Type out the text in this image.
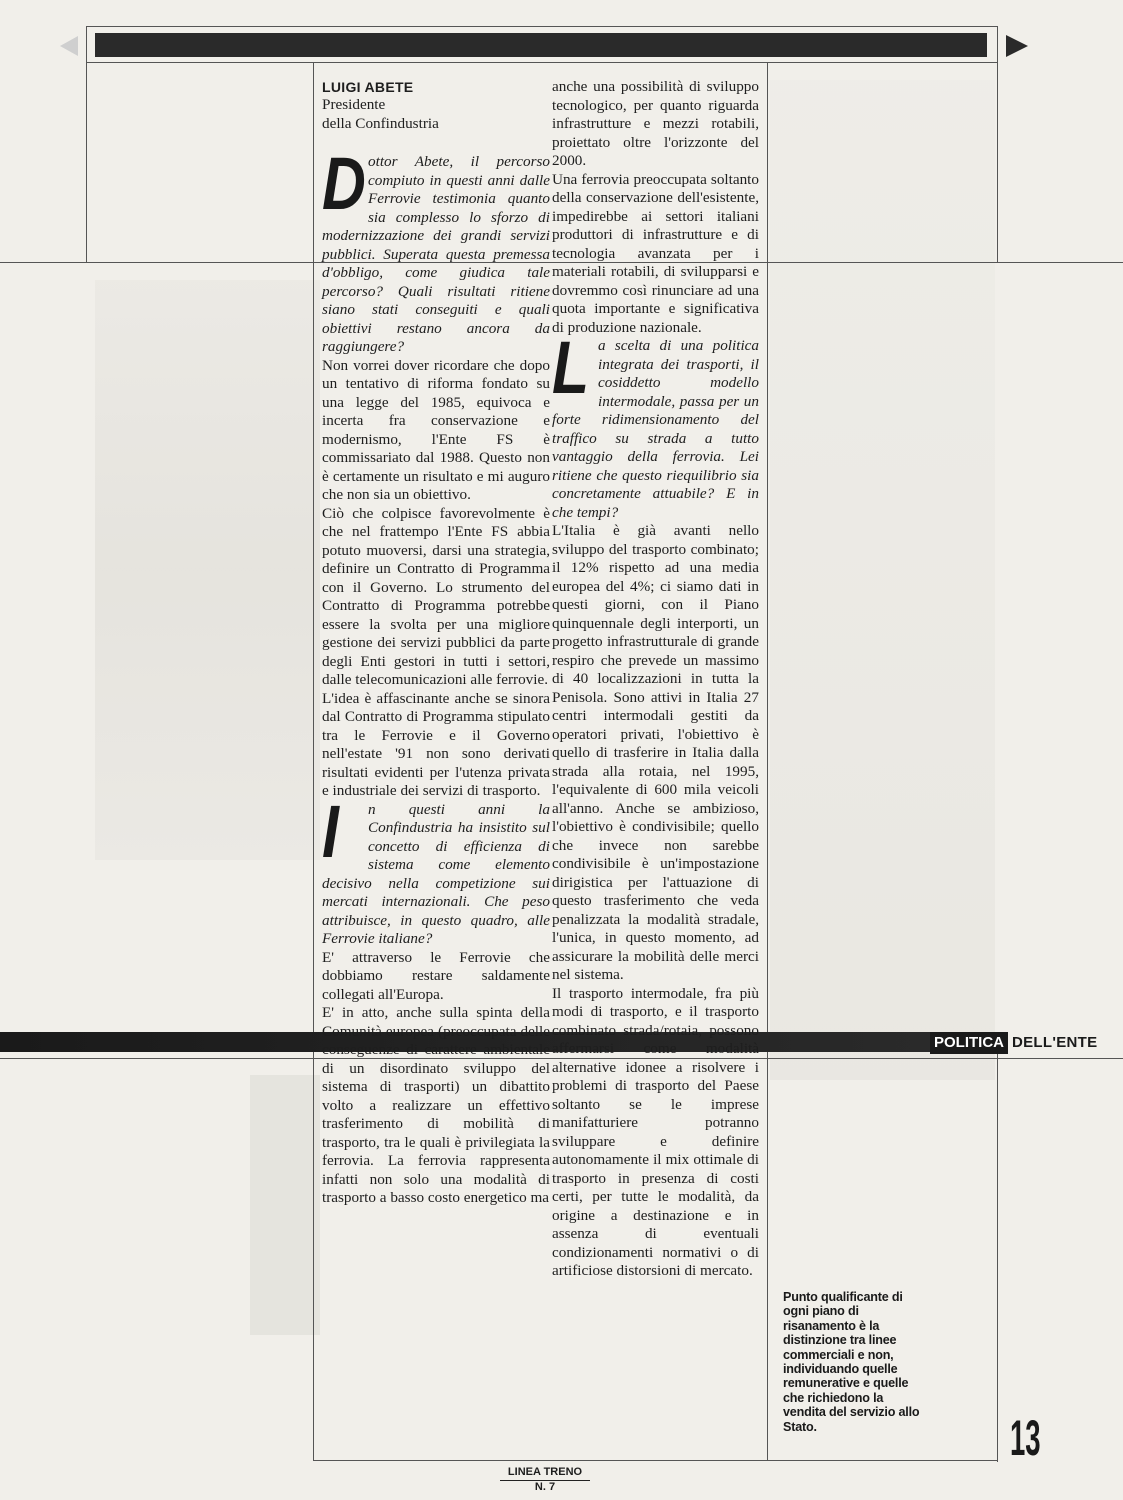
POLITICA DELL'ENTE
LUIGI ABETE
Presidente
della Confindustria

Dottor Abete, il percorso compiuto in questi anni dalle Ferrovie testimonia quanto sia complesso lo sforzo di modernizzazione dei grandi servizi pubblici. Superata questa premessa d'obbligo, come giudica tale percorso? Quali risultati ritiene siano stati conseguiti e quali obiettivi restano ancora da raggiungere?

Non vorrei dover ricordare che dopo un tentativo di riforma fondato su una legge del 1985, equivoca e incerta fra conservazione e modernismo, l'Ente FS è commissariato dal 1988. Questo non è certamente un risultato e mi auguro che non sia un obiettivo.

Ciò che colpisce favorevolmente è che nel frattempo l'Ente FS abbia potuto muoversi, darsi una strategia, definire un Contratto di Programma con il Governo. Lo strumento del Contratto di Programma potrebbe essere la svolta per una migliore gestione dei servizi pubblici da parte degli Enti gestori in tutti i settori, dalle telecomunicazioni alle ferrovie.

L'idea è affascinante anche se sinora dal Contratto di Programma stipulato tra le Ferrovie e il Governo nell'estate '91 non sono derivati risultati evidenti per l'utenza privata e industriale dei servizi di trasporto.

I	n questi anni la Confindustria ha insistito sul concetto di efficienza di sistema come elemento decisivo nella competizione sui mercati internazionali. Che peso attribuisce, in questo quadro, alle Ferrovie italiane?

E' attraverso le Ferrovie che dobbiamo restare saldamente collegati all'Europa.

E' in atto, anche sulla spinta della Comunità europea (preoccupata delle conseguenze di carattere ambientale di un disordinato sviluppo del sistema di trasporti) un dibattito volto a realizzare un effettivo trasferimento di mobilità di trasporto, tra le quali è privilegiata la ferrovia. La ferrovia rappresenta infatti non solo una modalità di trasporto a basso costo energetico ma

anche una possibilità di sviluppo tecnologico, per quanto riguarda infrastrutture e mezzi rotabili, proiettato oltre l'orizzonte del 2000.

Una ferrovia preoccupata soltanto della conservazione dell'esistente, impedirebbe ai settori italiani produttori di infrastrutture e di tecnologia avanzata per i materiali rotabili, di svilupparsi e dovremmo così rinunciare ad una quota importante e significativa di produzione nazionale.

La scelta di una politica integrata dei trasporti, il cosiddetto modello intermodale, passa per un forte ridimensionamento del traffico su strada a tutto vantaggio della ferrovia. Lei ritiene che questo riequilibrio sia concretamente attuabile? E in che tempi?

L'Italia è già avanti nello sviluppo del trasporto combinato; il 12% rispetto ad una media europea del 4%; ci siamo dati in questi giorni, con il Piano quinquennale degli interporti, un progetto infrastrutturale di grande respiro che prevede un massimo di 40 localizzazioni in tutta la Penisola. Sono attivi in Italia 27 centri intermodali gestiti da operatori privati, l'obiettivo è quello di trasferire in Italia dalla strada alla rotaia, nel 1995, l'equivalente di 600 mila veicoli all'anno. Anche se ambizioso, l'obiettivo è condivisibile; quello che invece non sarebbe condivisibile è un'impostazione dirigistica per l'attuazione di questo trasferimento che veda penalizzata la modalità stradale, l'unica, in questo momento, ad assicurare la mobilità delle merci nel sistema.

Il trasporto intermodale, fra più modi di trasporto, e il trasporto combinato strada/rotaia, possono affermarsi come modalità alternative idonee a risolvere i problemi di trasporto del Paese soltanto se le imprese manifatturiere potranno sviluppare e definire autonomamente il mix ottimale di trasporto in presenza di costi certi, per tutte le modalità, da origine a destinazione e in assenza di eventuali condizionamenti normativi o di artificiose distorsioni di mercato.

Punto qualificante di ogni piano di risanamento è la distinzione tra linee commerciali e non, individuando quelle remunerative e quelle che richiedono la vendita del servizio allo Stato.	13
LINEA TRENO
N. 7
